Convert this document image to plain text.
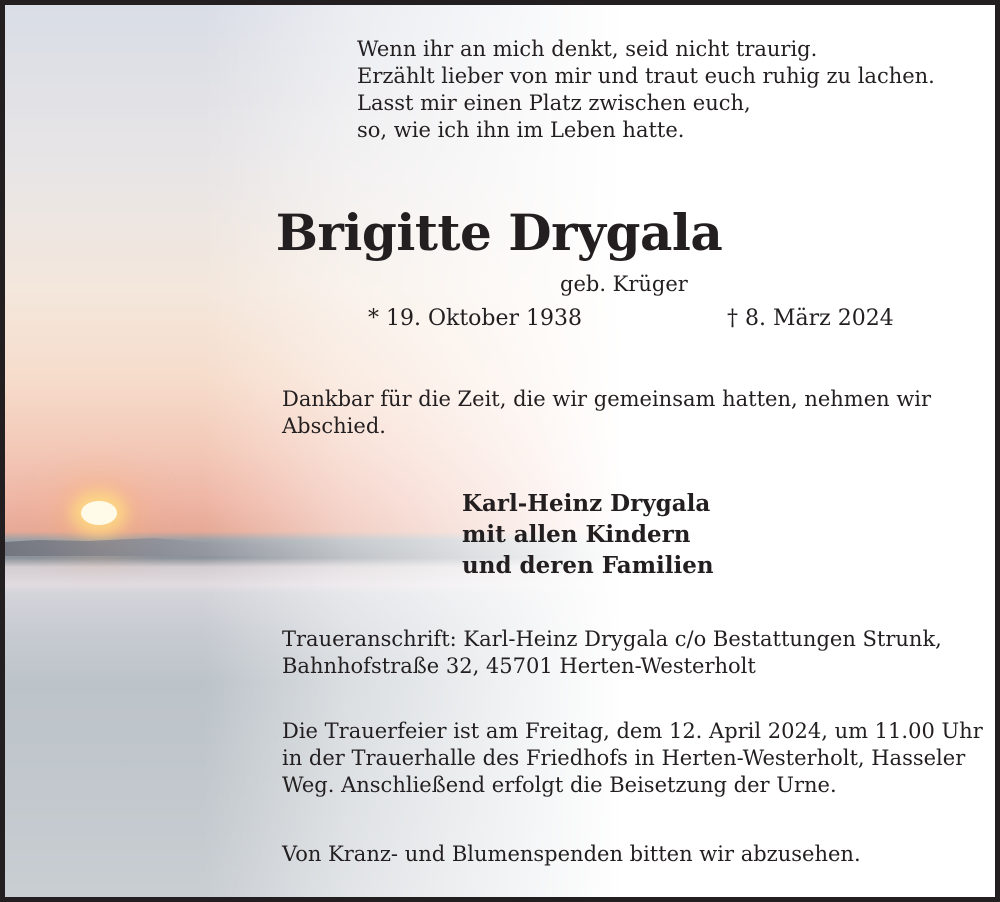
Wenn ihr an mich denkt, seid nicht traurig.
Erzählt lieber von mir und traut euch ruhig zu lachen.
Lasst mir einen Platz zwischen euch,
so, wie ich ihn im Leben hatte.
Brigitte Drygala
geb. Krüger
* 19. Oktober 1938	† 8. März 2024
Dankbar für die Zeit, die wir gemeinsam hatten, nehmen wir
Abschied.
Karl-Heinz Drygala
mit allen Kindern
und deren Familien
Traueranschrift: Karl-Heinz Drygala c/o Bestattungen Strunk,
Bahnhofstraße 32, 45701 Herten-Westerholt
Die Trauerfeier ist am Freitag, dem 12. April 2024, um 11.00 Uhr
in der Trauerhalle des Friedhofs in Herten-Westerholt, Hasseler
Weg. Anschließend erfolgt die Beisetzung der Urne.
Von Kranz- und Blumenspenden bitten wir abzusehen.
